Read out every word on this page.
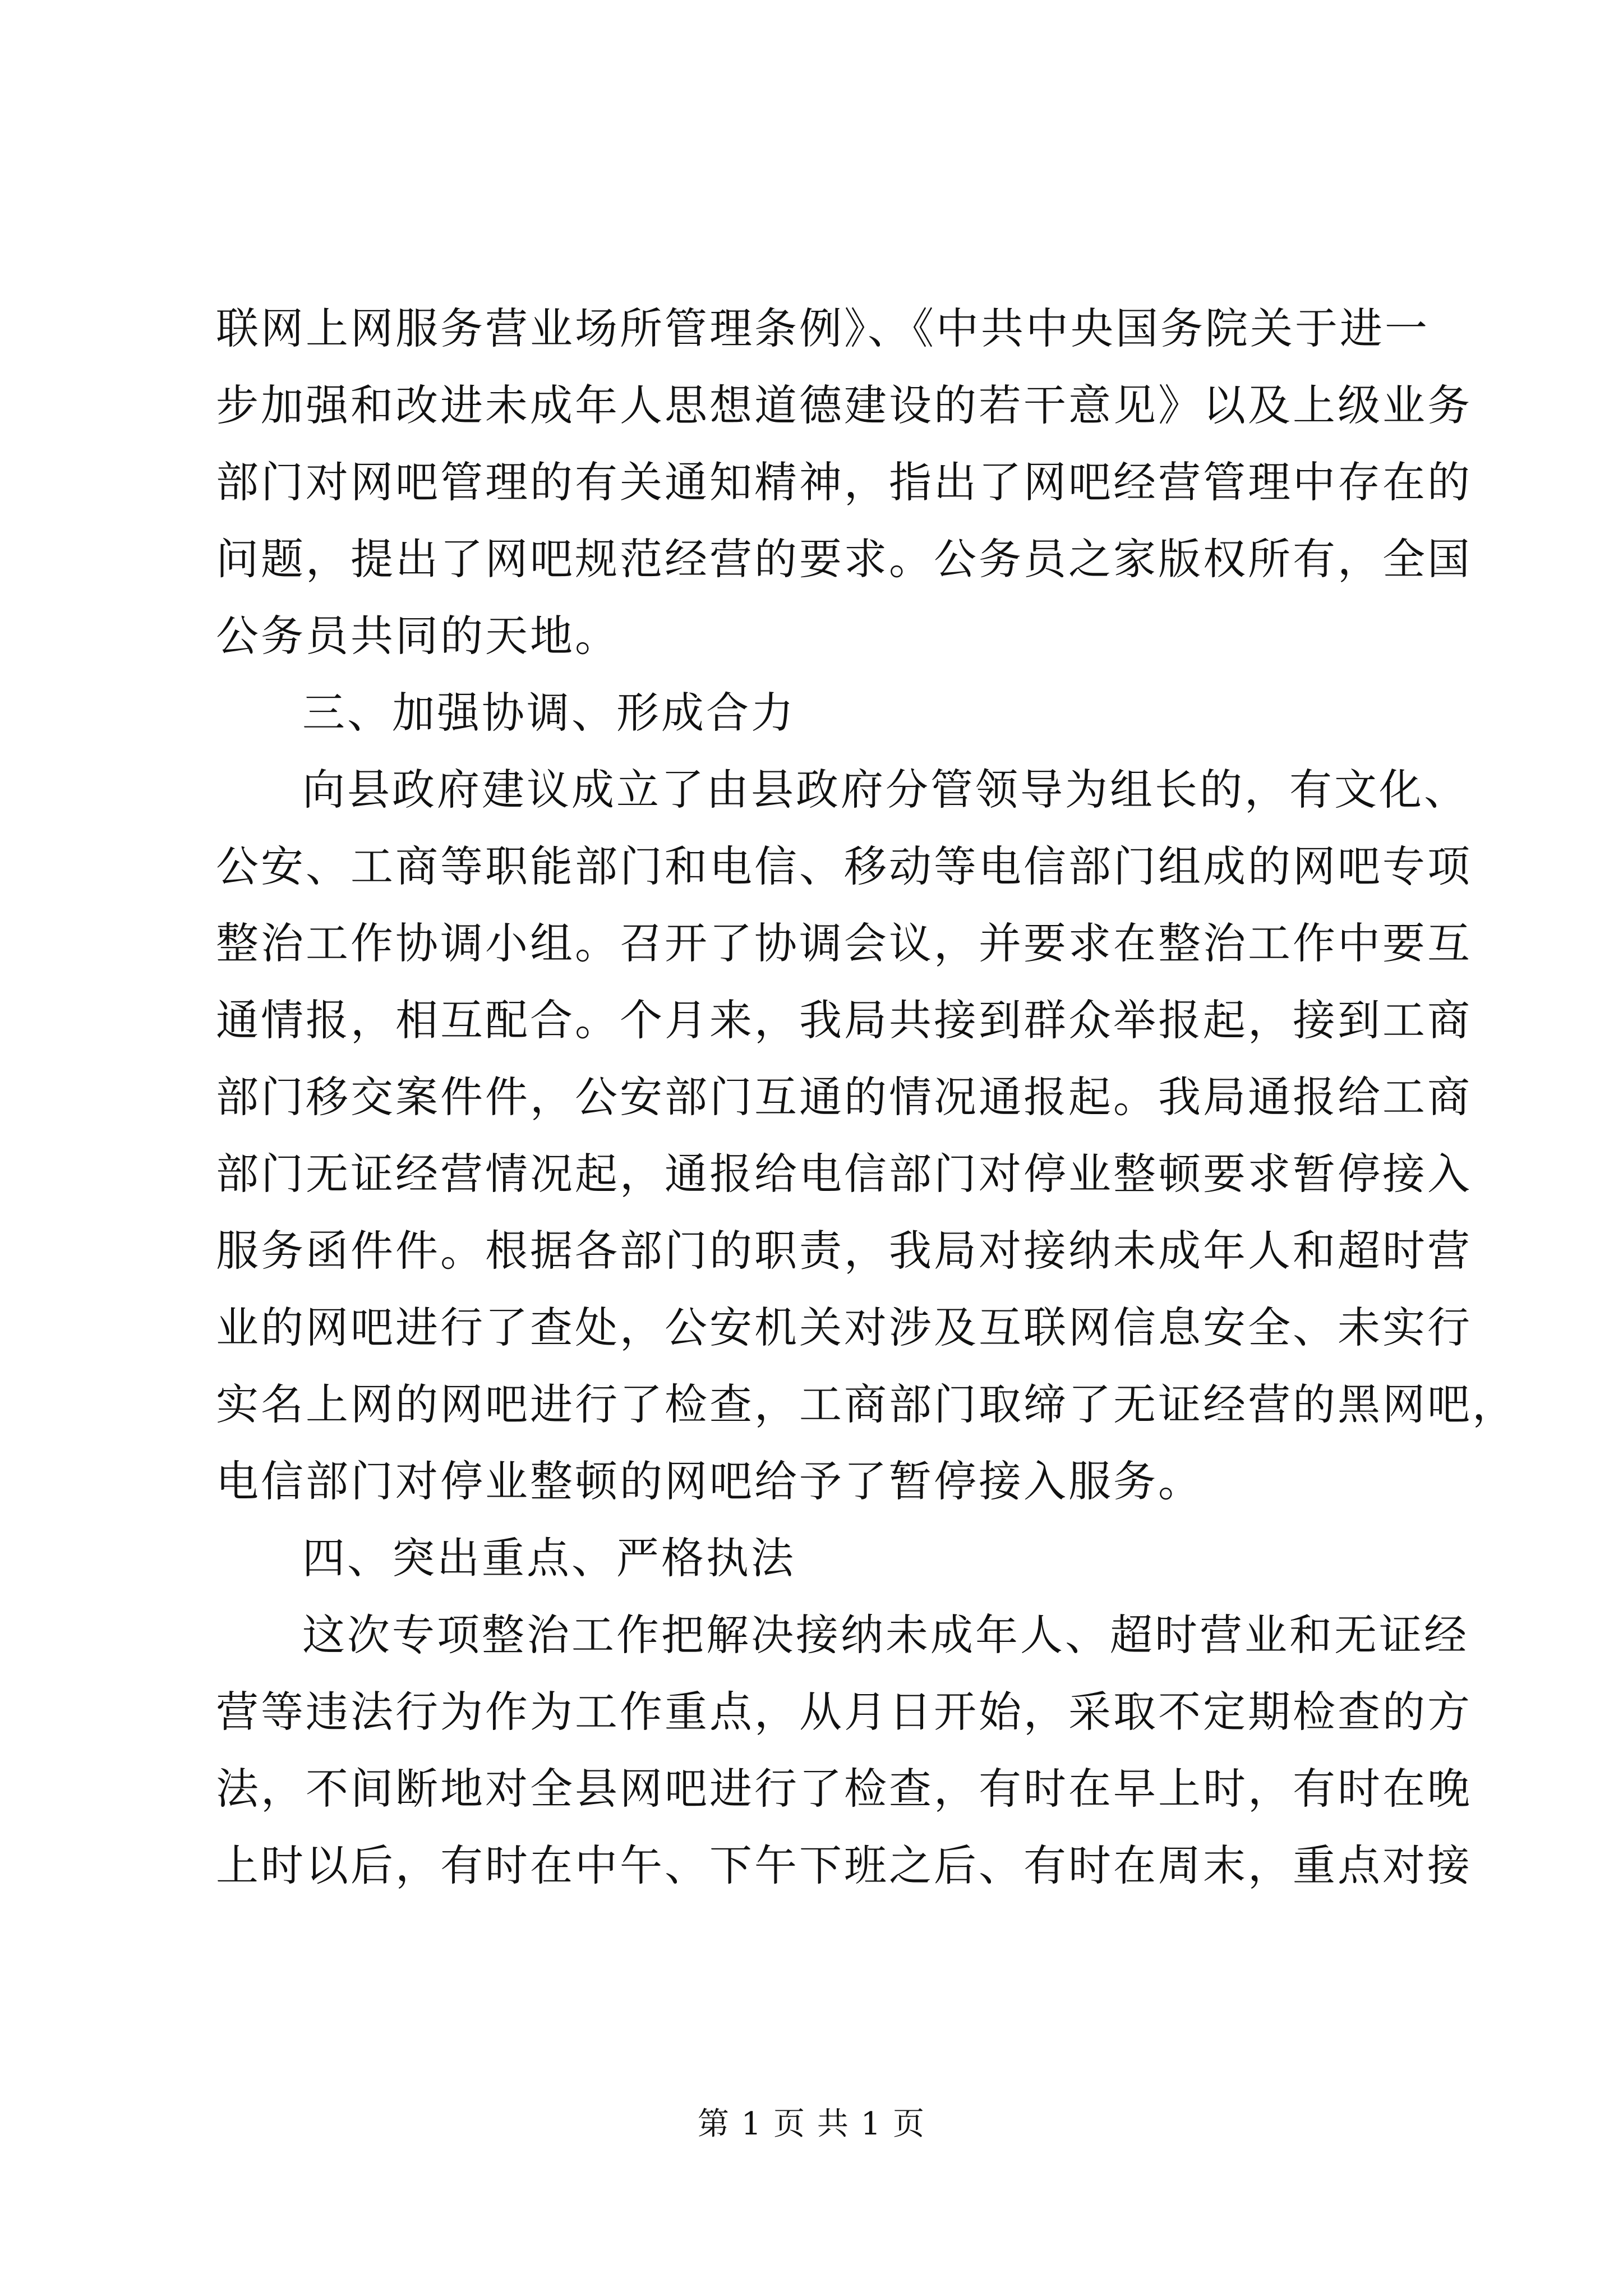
联网上网服务营业场所管理条例》、《中共中央国务院关于进一
步加强和改进未成年人思想道德建设的若干意见》以及上级业务
部门对网吧管理的有关通知精神，指出了网吧经营管理中存在的
问题，提出了网吧规范经营的要求。公务员之家版权所有，全国
公务员共同的天地。
三、加强协调、形成合力
向县政府建议成立了由县政府分管领导为组长的，有文化、
公安、工商等职能部门和电信、移动等电信部门组成的网吧专项
整治工作协调小组。召开了协调会议，并要求在整治工作中要互
通情报，相互配合。个月来，我局共接到群众举报起，接到工商
部门移交案件件，公安部门互通的情况通报起。我局通报给工商
部门无证经营情况起，通报给电信部门对停业整顿要求暂停接入
服务函件件。根据各部门的职责，我局对接纳未成年人和超时营
业的网吧进行了查处，公安机关对涉及互联网信息安全、未实行
实名上网的网吧进行了检查，工商部门取缔了无证经营的黑网吧，
电信部门对停业整顿的网吧给予了暂停接入服务。
四、突出重点、严格执法
这次专项整治工作把解决接纳未成年人、超时营业和无证经
营等违法行为作为工作重点，从月日开始，采取不定期检查的方
法，不间断地对全县网吧进行了检查，有时在早上时，有时在晚
上时以后，有时在中午、下午下班之后、有时在周末，重点对接
第 1 页 共 1 页
